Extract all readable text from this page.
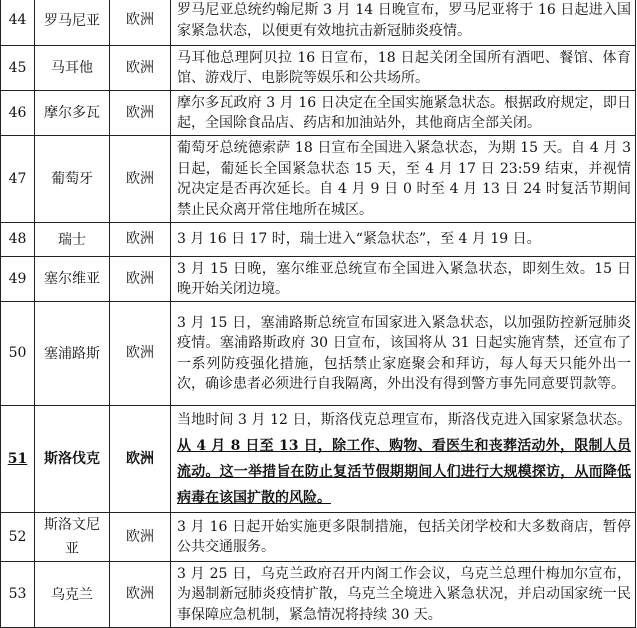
44	罗马尼亚	欧洲	罗马尼亚总统约翰尼斯 3 月 14 日晚宣布，罗马尼亚将于 16 日起进入国家紧急状态，以便更有效地抗击新冠肺炎疫情。
45	马耳他	欧洲	马耳他总理阿贝拉 16 日宣布，18 日起关闭全国所有酒吧、餐馆、体育馆、游戏厅、电影院等娱乐和公共场所。
46	摩尔多瓦	欧洲	摩尔多瓦政府 3 月 16 日决定在全国实施紧急状态。根据政府规定，即日起，全国除食品店、药店和加油站外，其他商店全部关闭。
47	葡萄牙	欧洲	葡萄牙总统德索萨 18 日宣布全国进入紧急状态，为期 15 天。自 4 月 3 日起，葡延长全国紧急状态 15 天，至 4 月 17 日 23:59 结束，并视情况决定是否再次延长。自 4 月 9 日 0 时至 4 月 13 日 24 时复活节期间禁止民众离开常住地所在城区。
48	瑞士	欧洲	3 月 16 日 17 时，瑞士进入“紧急状态”，至 4 月 19 日。
49	塞尔维亚	欧洲	3 月 15 日晚，塞尔维亚总统宣布全国进入紧急状态，即刻生效。15 日晚开始关闭边境。
50	塞浦路斯	欧洲	3 月 15 日，塞浦路斯总统宣布国家进入紧急状态，以加强防控新冠肺炎疫情。塞浦路斯政府 30 日宣布，该国将从 31 日起实施宵禁，还宣布了一系列防疫强化措施，包括禁止家庭聚会和拜访，每人每天只能外出一次，确诊患者必须进行自我隔离，外出没有得到警方事先同意要罚款等。
51	斯洛伐克	欧洲	当地时间 3 月 12 日，斯洛伐克总理宣布，斯洛伐克进入国家紧急状态。从 4 月 8 日至 13 日，除工作、购物、看医生和丧葬活动外，限制人员流动。这一举措旨在防止复活节假期期间人们进行大规模探访，从而降低病毒在该国扩散的风险。
52	斯洛文尼亚	欧洲	3 月 16 日起开始实施更多限制措施，包括关闭学校和大多数商店，暂停公共交通服务。
53	乌克兰	欧洲	3 月 25 日，乌克兰政府召开内阁工作会议，乌克兰总理什梅加尔宣布，为遏制新冠肺炎疫情扩散，乌克兰全境进入紧急状况，并启动国家统一民事保障应急机制，紧急情况将持续 30 天。
